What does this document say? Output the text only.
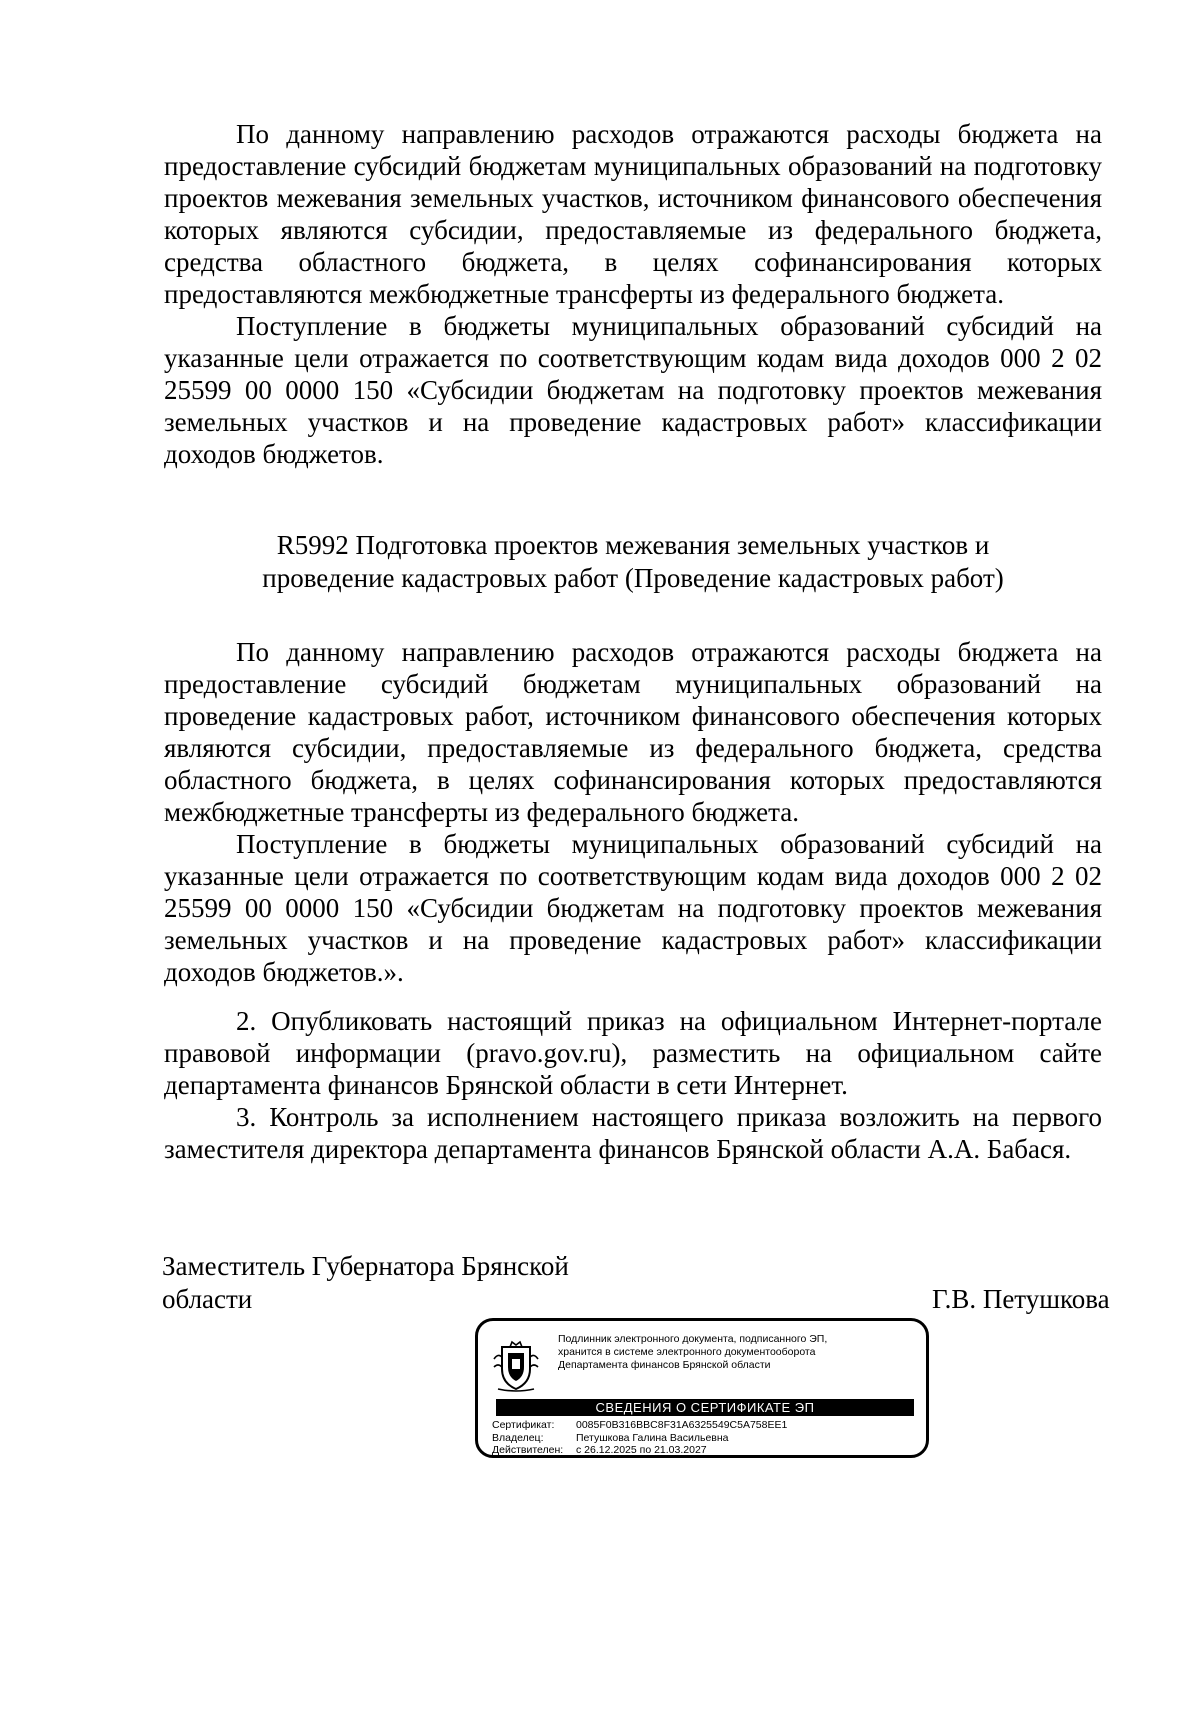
По данному направлению расходов отражаются расходы бюджета на предоставление субсидий бюджетам муниципальных образований на подготовку проектов межевания земельных участков, источником финансового обеспечения которых являются субсидии, предоставляемые из федерального бюджета, средства областного бюджета, в целях софинансирования которых предоставляются межбюджетные трансферты из федерального бюджета.

Поступление в бюджеты муниципальных образований субсидий на указанные цели отражается по соответствующим кодам вида доходов 000 2 02 25599 00 0000 150 «Субсидии бюджетам на подготовку проектов межевания земельных участков и на проведение кадастровых работ» классификации доходов бюджетов.

R5992 Подготовка проектов межевания земельных участков и
проведение кадастровых работ (Проведение кадастровых работ)

По данному направлению расходов отражаются расходы бюджета на предоставление субсидий бюджетам муниципальных образований на проведение кадастровых работ, источником финансового обеспечения которых являются субсидии, предоставляемые из федерального бюджета, средства областного бюджета, в целях софинансирования которых предоставляются межбюджетные трансферты из федерального бюджета.

Поступление в бюджеты муниципальных образований субсидий на указанные цели отражается по соответствующим кодам вида доходов 000 2 02 25599 00 0000 150 «Субсидии бюджетам на подготовку проектов межевания земельных участков и на проведение кадастровых работ» классификации доходов бюджетов.».

2. Опубликовать настоящий приказ на официальном Интернет-портале правовой информации (pravo.gov.ru), разместить на официальном сайте департамента финансов Брянской области в сети Интернет.

3. Контроль за исполнением настоящего приказа возложить на первого заместителя директора департамента финансов Брянской области А.А. Бабася.

Заместитель Губернатора Брянской
области	Г.В. Петушкова
Подлинник электронного документа, подписанного ЭП,
хранится в системе электронного документооборота
Департамента финансов Брянской области
СВЕДЕНИЯ О СЕРТИФИКАТЕ ЭП
Сертификат:	0085F0B316BBC8F31A6325549C5A758EE1
Владелец:	Петушкова Галина Васильевна
Действителен:	с 26.12.2025 по 21.03.2027
